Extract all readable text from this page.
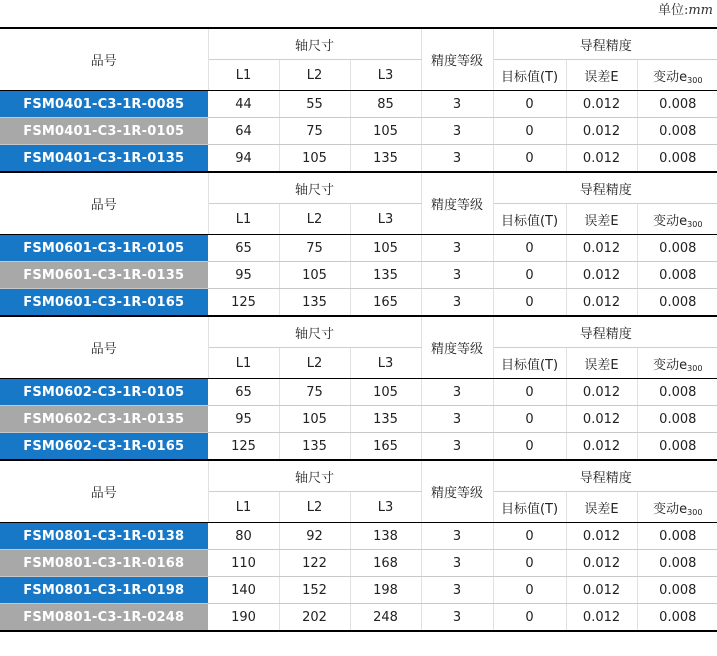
单位:mm
品号	轴尺寸			精度等级	导程精度		
	L1	L2	L3		目标值(T)	误差E	变动$e_{300}$
FSM0401-C3-1R-0085	44	55	85	3	0	0.012	0.008
FSM0401-C3-1R-0105	64	75	105	3	0	0.012	0.008
FSM0401-C3-1R-0135	94	105	135	3	0	0.012	0.008
品号	轴尺寸			精度等级	导程精度		
	L1	L2	L3		目标值(T)	误差E	变动$e_{300}$
FSM0601-C3-1R-0105	65	75	105	3	0	0.012	0.008
FSM0601-C3-1R-0135	95	105	135	3	0	0.012	0.008
FSM0601-C3-1R-0165	125	135	165	3	0	0.012	0.008
品号	轴尺寸			精度等级	导程精度		
	L1	L2	L3		目标值(T)	误差E	变动$e_{300}$
FSM0602-C3-1R-0105	65	75	105	3	0	0.012	0.008
FSM0602-C3-1R-0135	95	105	135	3	0	0.012	0.008
FSM0602-C3-1R-0165	125	135	165	3	0	0.012	0.008
品号	轴尺寸			精度等级	导程精度		
	L1	L2	L3		目标值(T)	误差E	变动$e_{300}$
FSM0801-C3-1R-0138	80	92	138	3	0	0.012	0.008
FSM0801-C3-1R-0168	110	122	168	3	0	0.012	0.008
FSM0801-C3-1R-0198	140	152	198	3	0	0.012	0.008
FSM0801-C3-1R-0248	190	202	248	3	0	0.012	0.008
